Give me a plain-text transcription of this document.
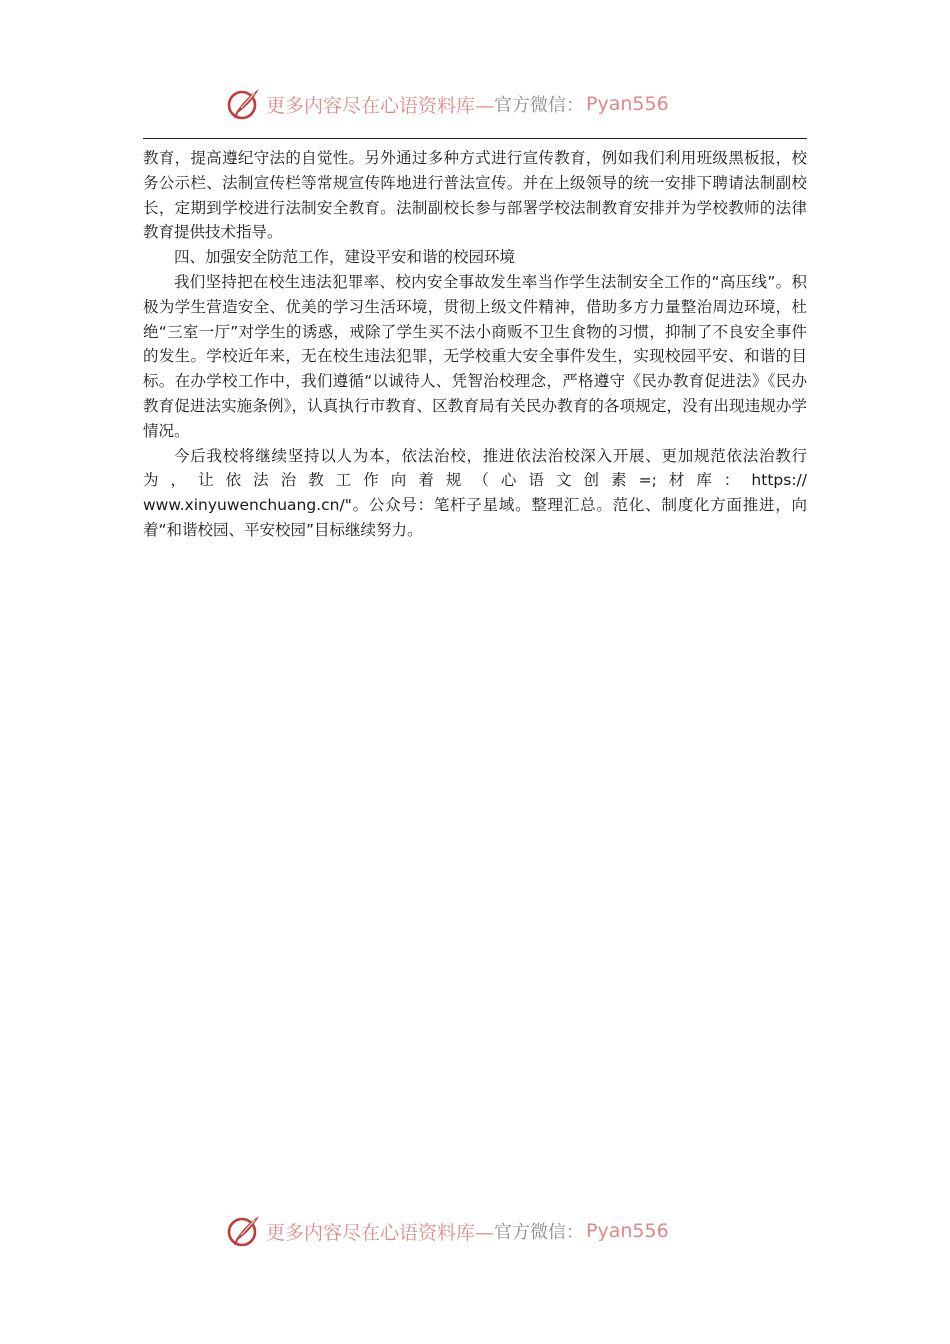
更多内容尽在心语资料库— 官方微信： Pyan556

教育，提高遵纪守法的自觉性。另外通过多种方式进行宣传教育，例如我们利用班级黑板报，校务公示栏、法制宣传栏等常规宣传阵地进行普法宣传。并在上级领导的统一安排下聘请法制副校长，定期到学校进行法制安全教育。法制副校长参与部署学校法制教育安排并为学校教师的法律教育提供技术指导。

四、加强安全防范工作，建设平安和谐的校园环境

我们坚持把在校生违法犯罪率、校内安全事故发生率当作学生法制安全工作的“高压线”。积极为学生营造安全、优美的学习生活环境，贯彻上级文件精神，借助多方力量整治周边环境，杜绝“三室一厅”对学生的诱惑，戒除了学生买不法小商贩不卫生食物的习惯，抑制了不良安全事件的发生。学校近年来，无在校生违法犯罪，无学校重大安全事件发生，实现校园平安、和谐的目标。在办学校工作中，我们遵循“以诚待人、凭智治校理念，严格遵守《民办教育促进法》《民办教育促进法实施条例》，认真执行市教育、区教育局有关民办教育的各项规定，没有出现违规办学情况。

今后我校将继续坚持以人为本，依法治校，推进依法治校深入开展、更加规范依法治教行为，让依法治教工作向着规（心语文创素=;材库：https://

www.xinyuwenchuang.cn/"。公众号：笔杆子星域。整理汇总。范化、制度化方面推进，向着“和谐校园、平安校园”目标继续努力。

更多内容尽在心语资料库— 官方微信： Pyan556
